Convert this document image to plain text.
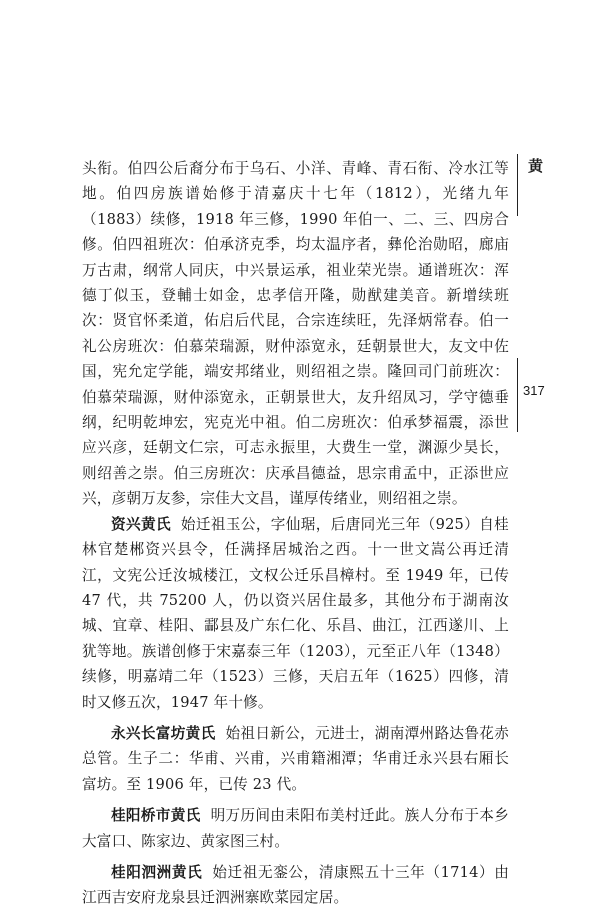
头衔。伯四公后裔分布于乌石、小洋、青峰、青石衔、冷水江等地。伯四房族谱始修于清嘉庆十七年（1812），光绪九年（1883）续修，1918 年三修，1990 年伯一、二、三、四房合修。伯四祖班次：伯承济克季，均太温序者，彝伦治勋昭，廊庙万古肃，纲常人同庆，中兴景运承，祖业荣光崇。通谱班次：浑德丁似玉，登輔士如金，忠孝信开隆，勋猷建美音。新增续班次：贤官怀柔道，佑启后代昆，合宗连续旺，先泽炳常春。伯一礼公房班次：伯慕荣瑞源，财仲添宽永，廷朝景世大，友文中佐国，宪允定学能，端安邦绪业，则绍祖之崇。隆回司门前班次：伯慕荣瑞源，财仲添宽永，正朝景世大，友升绍凤习，学守德垂纲，纪明乾坤宏，宪克光中祖。伯二房班次：伯承梦福震，添世应兴彦，廷朝文仁宗，可志永振里，大费生一堂，渊源少昊长，则绍善之崇。伯三房班次：庆承昌德益，思宗甫孟中，正添世应兴，彦朝万友参，宗佳大文昌，谨厚传绪业，则绍祖之崇。

资兴黄氏 始迁祖玉公，字仙琚，后唐同光三年（925）自桂林官楚郴资兴县令，任满择居城治之西。十一世文嵩公再迁清江，文宪公迁汝城楼江，文权公迁乐昌樟村。至 1949 年，已传 47 代，共 75200 人，仍以资兴居住最多，其他分布于湖南汝城、宜章、桂阳、酃县及广东仁化、乐昌、曲江，江西遂川、上犹等地。族谱创修于宋嘉泰三年（1203），元至正八年（1348）续修，明嘉靖二年（1523）三修，天启五年（1625）四修，清时又修五次，1947 年十修。

永兴长富坊黄氏 始祖日新公，元进士，湖南潭州路达鲁花赤总管。生子二：华甫、兴甫，兴甫籍湘潭；华甫迁永兴县右厢长富坊。至 1906 年，已传 23 代。

桂阳桥市黄氏 明万历间由耒阳布美村迁此。族人分布于本乡大富口、陈家边、黄家图三村。

桂阳泗洲黄氏 始迁祖无銮公，清康熙五十三年（1714）由江西吉安府龙泉县迁泗洲寨欧菜园定居。

黄
317
